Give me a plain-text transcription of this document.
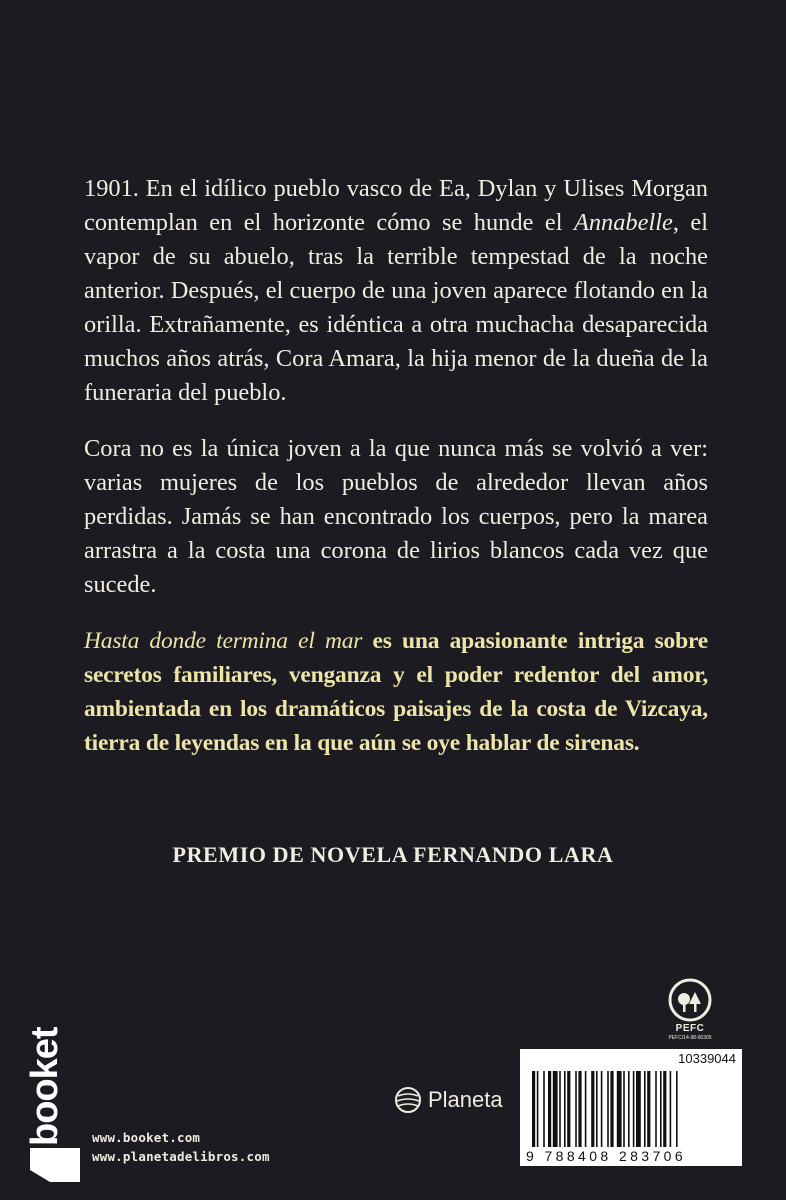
1901. En el idílico pueblo vasco de Ea, Dylan y Ulises Morgan contemplan en el horizonte cómo se hunde el Annabelle, el vapor de su abuelo, tras la terrible tempestad de la noche anterior. Después, el cuerpo de una joven aparece flotando en la orilla. Extrañamente, es idéntica a otra muchacha desaparecida muchos años atrás, Cora Amara, la hija menor de la dueña de la funeraria del pueblo.

Cora no es la única joven a la que nunca más se volvió a ver: varias mujeres de los pueblos de alrededor llevan años perdidas. Jamás se han encontrado los cuerpos, pero la marea arrastra a la costa una corona de lirios blancos cada vez que sucede.

Hasta donde termina el mar es una apasionante intriga sobre secretos familiares, venganza y el poder redentor del amor, ambientada en los dramáticos paisajes de la costa de Vizcaya, tierra de leyendas en la que aún se oye hablar de sirenas.

PREMIO DE NOVELA FERNANDO LARA
PEFC
PEFC/14-38-00305
booket www.booket.com
www.planetadelibros.com
Planeta
10339044
9 788408 283706
